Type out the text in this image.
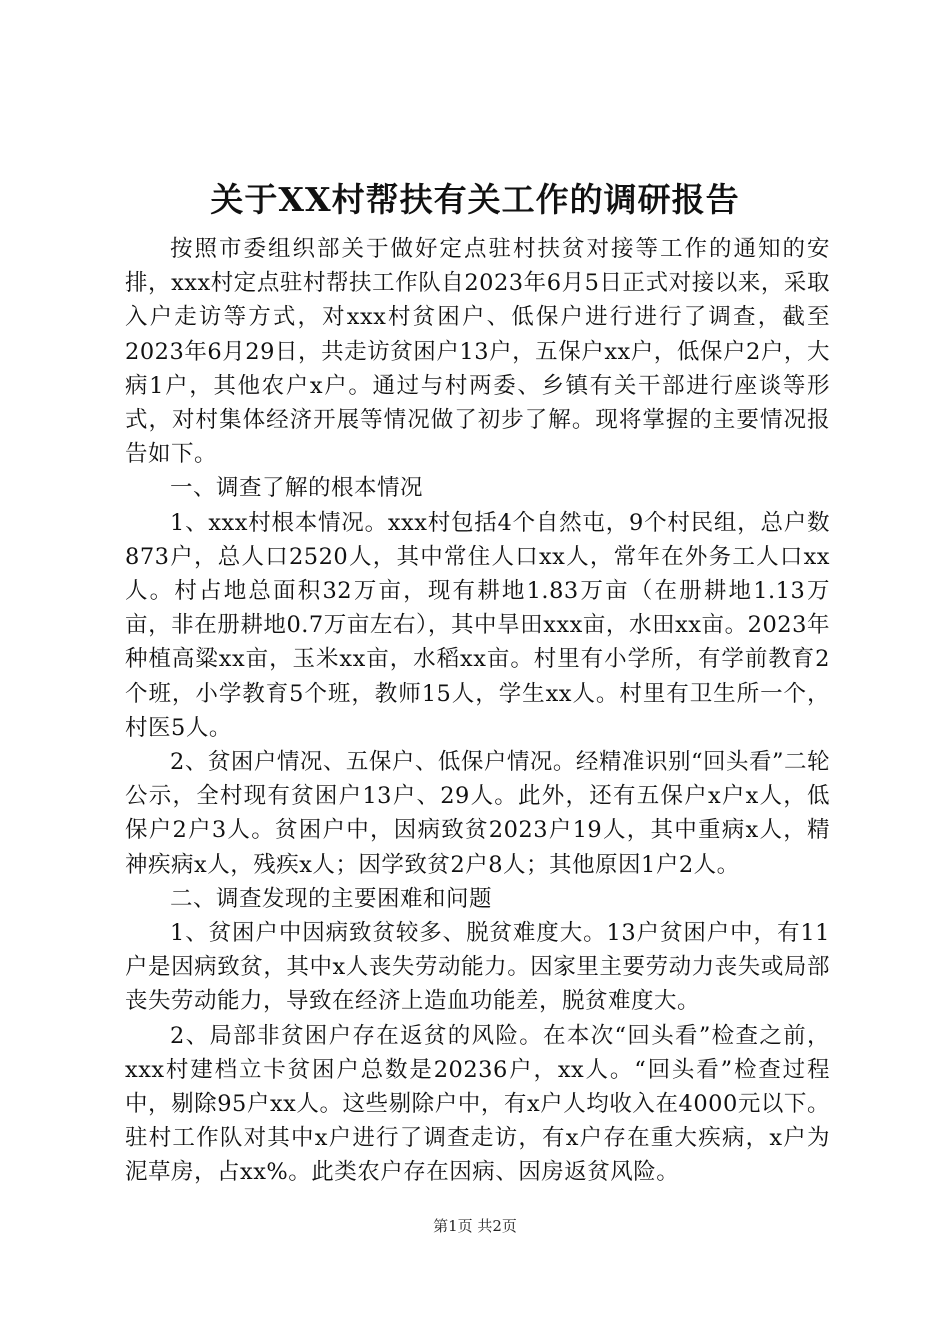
关于XX村帮扶有关工作的调研报告

按照市委组织部关于做好定点驻村扶贫对接等工作的通知的安排，xxx村定点驻村帮扶工作队自2023年6月5日正式对接以来，采取入户走访等方式，对xxx村贫困户、低保户进行进行了调查，截至2023年6月29日，共走访贫困户13户，五保户xx户，低保户2户，大病1户，其他农户x户。通过与村两委、乡镇有关干部进行座谈等形式，对村集体经济开展等情况做了初步了解。现将掌握的主要情况报告如下。

一、调查了解的根本情况

1、xxx村根本情况。xxx村包括4个自然屯，9个村民组，总户数873户，总人口2520人，其中常住人口xx人，常年在外务工人口xx人。村占地总面积32万亩，现有耕地1.83万亩（在册耕地1.13万亩，非在册耕地0.7万亩左右），其中旱田xxx亩，水田xx亩。2023年种植高粱xx亩，玉米xx亩，水稻xx亩。村里有小学所，有学前教育2个班，小学教育5个班，教师15人，学生xx人。村里有卫生所一个，村医5人。

2、贫困户情况、五保户、低保户情况。经精准识别“回头看”二轮公示，全村现有贫困户13户、29人。此外，还有五保户x户x人，低保户2户3人。贫困户中，因病致贫2023户19人，其中重病x人，精神疾病x人，残疾x人；因学致贫2户8人；其他原因1户2人。

二、调查发现的主要困难和问题

1、贫困户中因病致贫较多、脱贫难度大。13户贫困户中，有11户是因病致贫，其中x人丧失劳动能力。因家里主要劳动力丧失或局部丧失劳动能力，导致在经济上造血功能差，脱贫难度大。

2、局部非贫困户存在返贫的风险。在本次“回头看”检查之前，xxx村建档立卡贫困户总数是20236户，xx人。“回头看”检查过程中，剔除95户xx人。这些剔除户中，有x户人均收入在4000元以下。驻村工作队对其中x户进行了调查走访，有x户存在重大疾病，x户为泥草房，占xx%。此类农户存在因病、因房返贫风险。

第1页 共2页
